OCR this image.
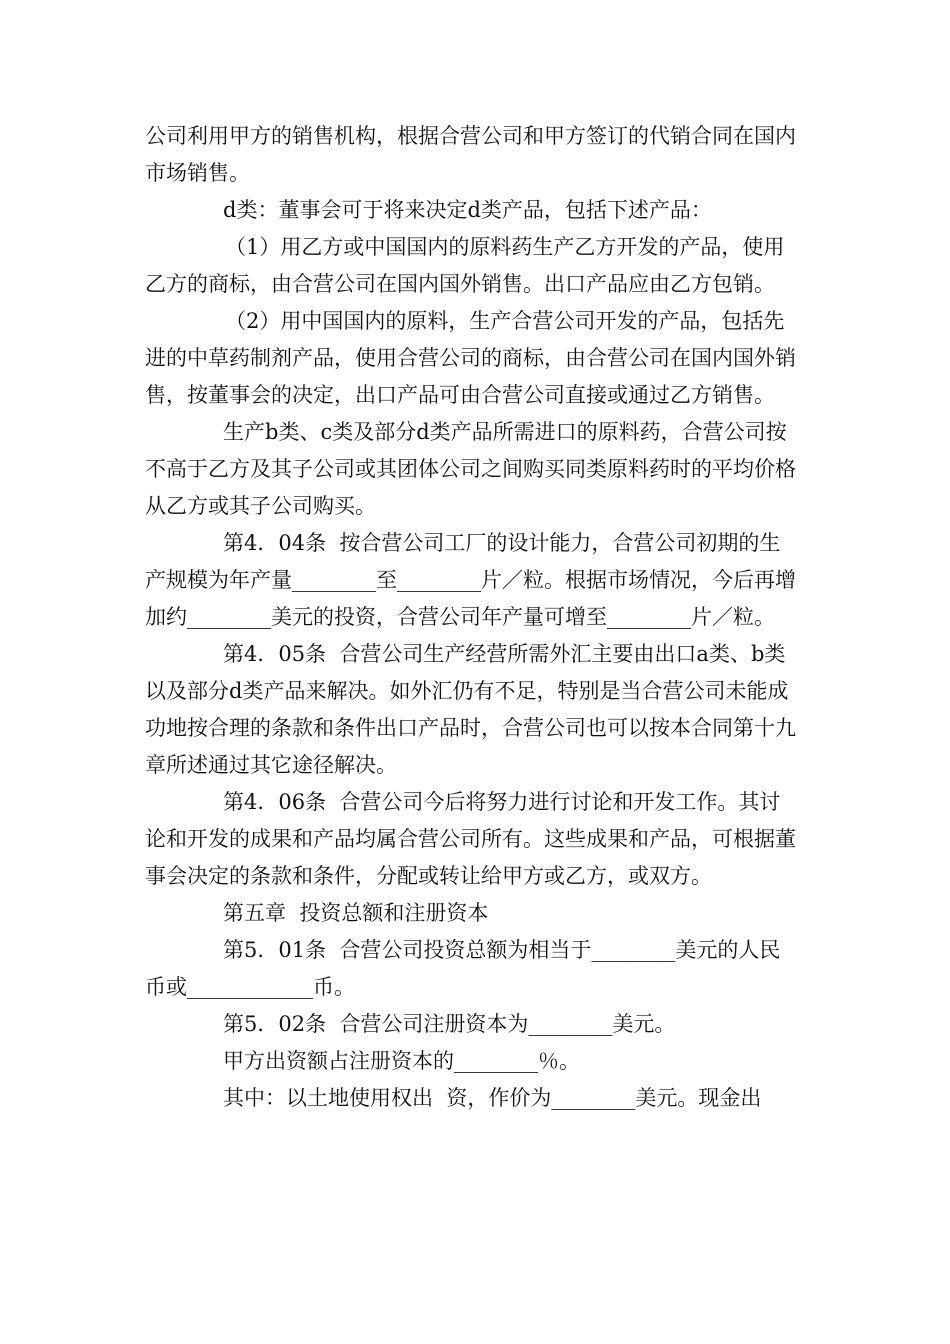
公司利用甲方的销售机构，根据合营公司和甲方签订的代销合同在国内市场销售。

d类：董事会可于将来决定d类产品，包括下述产品：

（1）用乙方或中国国内的原料药生产乙方开发的产品，使用乙方的商标，由合营公司在国内国外销售。出口产品应由乙方包销。

（2）用中国国内的原料，生产合营公司开发的产品，包括先进的中草药制剂产品，使用合营公司的商标，由合营公司在国内国外销售，按董事会的决定，出口产品可由合营公司直接或通过乙方销售。

生产b类、c类及部分d类产品所需进口的原料药，合营公司按不高于乙方及其子公司或其团体公司之间购买同类原料药时的平均价格从乙方或其子公司购买。

第4．04条  按合营公司工厂的设计能力，合营公司初期的生产规模为年产量________至________片／粒。根据市场情况，今后再增加约________美元的投资，合营公司年产量可增至________片／粒。

第4．05条  合营公司生产经营所需外汇主要由出口a类、b类以及部分d类产品来解决。如外汇仍有不足，特别是当合营公司未能成功地按合理的条款和条件出口产品时，合营公司也可以按本合同第十九章所述通过其它途径解决。

第4．06条  合营公司今后将努力进行讨论和开发工作。其讨论和开发的成果和产品均属合营公司所有。这些成果和产品，可根据董事会决定的条款和条件，分配或转让给甲方或乙方，或双方。

第五章  投资总额和注册资本

第5．01条  合营公司投资总额为相当于________美元的人民币或____________币。

第5．02条  合营公司注册资本为________美元。

甲方出资额占注册资本的________％。

其中：以土地使用权出  资，作价为________美元。现金出
